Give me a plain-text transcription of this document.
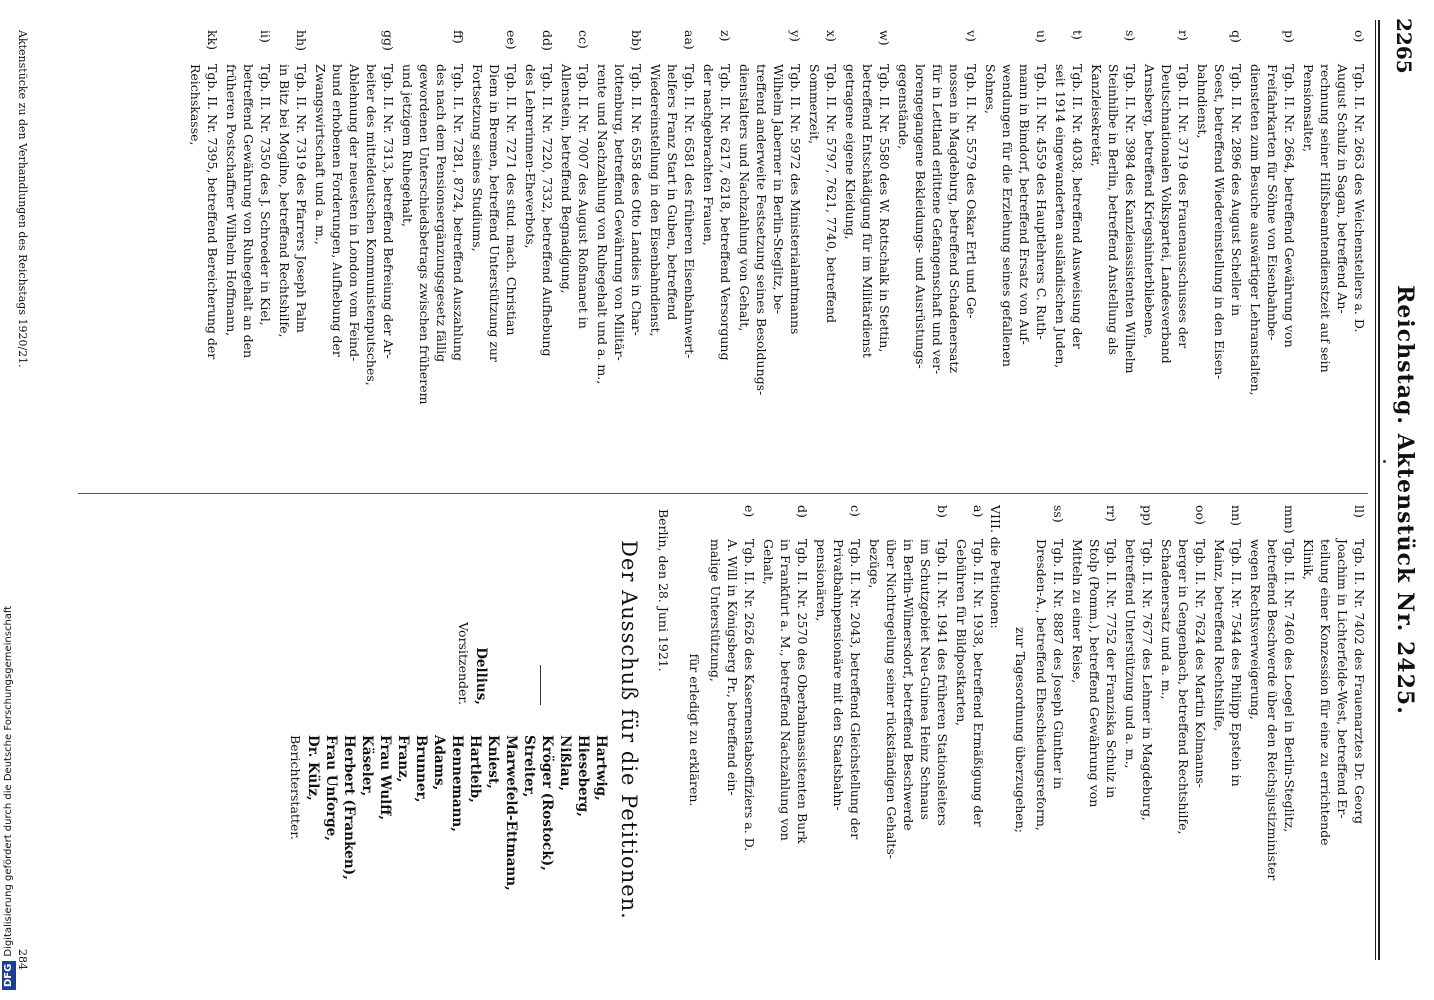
DFGDigitalisierung gefördert durch die Deutsche Forschungsgemeinschaft
2265
Reichstag. Aktenstück Nr. 2425.
o)
Tgb. II. Nr. 2663 des Weichenstellers a. D.
August Schulz in Sagan, betreffend An-
rechnung seiner Hilfsbeamtendienstzeit auf sein
Pensionsalter,
p)
Tgb. II. Nr. 2664, betreffend Gewährung von
Freifahrkarten für Söhne von Eisenbahnbe-
diensteten zum Besuche auswärtiger Lehranstalten,
q)
Tgb. II. Nr. 2896 des August Scheller in
Soest, betreffend Wiedereinstellung in den Eisen-
bahndienst,
r)
Tgb. II. Nr. 3719 des Frauenausschusses der
Deutschnationalen Volkspartei, Landesverband
Arnsberg, betreffend Kriegshinterbliebene,
s)
Tgb. II. Nr. 3984 des Kanzleiassistenten Wilhelm
Steinhilbe in Berlin, betreffend Anstellung als
Kanzleisekretär,
t)
Tgb. II. Nr. 4038, betreffend Ausweisung der
seit 1914 eingewanderten ausländischen Juden,
u)
Tgb. II. Nr. 4559 des Hauptlehrers C. Ruth-
mann in Bimdorf, betreffend Ersatz von Auf-
wendungen für die Erziehung seines gefallenen
Sohnes,
v)
Tgb. II. Nr. 5579 des Oskar Ertl und Ge-
nossen in Magdeburg, betreffend Schadenersatz
für in Lettland erlittene Gefangenschaft und ver-
lorengegangene Bekleidungs- und Ausrüstungs-
gegenstände,
w)
Tgb. II. Nr. 5580 des W. Rottschalk in Stettin,
betreffend Entschädigung für im Militärdienst
getragene eigene Kleidung,
x)
Tgb. II. Nr. 5797, 7621, 7740, betreffend
Sommerzeit,
y)
Tgb. II. Nr. 5972 des Ministerialamtmanns
Wilhelm Jaberner in Berlin-Steglitz, be-
treffend anderweite Festsetzung seines Besoldungs-
dienstalters und Nachzahlung von Gehalt,
z)
Tgb. II. Nr. 6217, 6218, betreffend Versorgung
der nachgebrachten Frauen,
aa)
Tgb. II. Nr. 6581 des früheren Eisenbahnwert-
helfers Franz Start in Guben, betreffend
Wiedereinstellung in den Eisenbahndienst,
bb)
Tgb. II. Nr. 6558 des Otto Landies in Char-
lottenburg, betreffend Gewährung von Militär-
rente und Nachzahlung von Ruhegehalt und a. m.,
cc)
Tgb. II. Nr. 7007 des August Roßmanet in
Allenstein, betreffend Begnadigung,
dd)
Tgb. II. Nr. 7220, 7332, betreffend Aufhebung
des Lehrerinnen-Eheverbots,
ee)
Tgb. II. Nr. 7271 des stud. mach. Christian
Diem in Bremen, betreffend Unterstützung zur
Fortsetzung seines Studiums,
ff)
Tgb. II. Nr. 7281, 8724, betreffend Auszahlung
des nach dem Pensionsergänzungsgesetz fällig
gewordenen Unterschiedsbetrags zwischen früherem
und jetzigem Ruhegehalt,
gg)
Tgb. II. Nr. 7313, betreffend Befreiung der Ar-
beiter des mitteldeutschen Kommunistenputsches,
Ablehnung der neuesten in London vom Feind-
bund erhobenen Forderungen, Aufhebung der
Zwangswirtschaft und a. m.,
hh)
Tgb. II. Nr. 7319 des Pfarrers Joseph Palm
in Bitz bei Mogilno, betreffend Rechtshilfe,
ii)
Tgb. II. Nr. 7350 des J. Schroeder in Kiel,
betreffend Gewährung von Ruhegehalt an den
früheren Postschaffner Wilhelm Hoffmann,
kk)
Tgb. II. Nr. 7395, betreffend Bereicherung der
Reichskasse,
ll)
Tgb. II. Nr. 7402 des Frauenarztes Dr. Georg
Joachim in Lichterfelde-West, betreffend Er-
teilung einer Konzession für eine zu errichtende
Klinik,
mm)
Tgb. II. Nr. 7460 des Loegel in Berlin-Steglitz,
betreffend Beschwerde über den Reichsjustizminister
wegen Rechtsverweigerung,
nn)
Tgb. II. Nr. 7544 des Philipp Epstein in
Mainz, betreffend Rechtshilfe,
oo)
Tgb. II. Nr. 7624 des Martin Kolmanns-
berger in Gengenbach, betreffend Rechtshilfe,
Schadenersatz und a. m.,
pp)
Tgb. II. Nr. 7677 des Lehmer in Magdeburg,
betreffend Unterstützung und a. m.,
rr)
Tgb. II. Nr. 7752 der Franziska Schulz in
Stolp (Pomm.), betreffend Gewährung von
Mitteln zu einer Reise,
ss)
Tgb. II. Nr. 8887 des Joseph Günther in
Dresden-A., betreffend Eheschiedungsreform,
zur Tagesordnung überzugehen;
VIII. die Petitionen:
a)
Tgb. II. Nr. 1938, betreffend Ermäßigung der
Gebühren für Bildpostkarten,
b)
Tgb. II. Nr. 1941 des früheren Stationsleiters
im Schutzgebiet Neu-Guinea Heinz Schnaus
in Berlin-Wilmersdorf, betreffend Beschwerde
über Nichtregelung seiner rückständigen Gehalts-
bezüge,
c)
Tgb. II. Nr. 2043, betreffend Gleichstellung der
Privatbahnpensionäre mit den Staatsbahn-
pensionären,
d)
Tgb. II. Nr. 2570 des Oberbahnassistenten Burk
in Frankfurt a. M., betreffend Nachzahlung von
Gehalt,
e)
Tgb. II. Nr. 2626 des Kasernenstabsoffiziers a. D.
A. Will in Königsberg Pr., betreffend ein-
malige Unterstützung,
für erledigt zu erklären.
Berlin, den 28. Juni 1921.
Der Ausschuß für die Petitionen.
Dellius,
Vorsitzender.
Hartwig,
Hieseberg,
Nißlau,
Kröger (Rostock),
Streiter,
Marwefeld-Ettmann,
Kniest,
Hartleib,
Hennemann,
Adams,
Brunner,
Franz,
Frau Wulff,
Käseler,
Herbert (Franken),
Frau Unforge,
Dr. Külz,
Berichterstatter.
Aktenstücke zu den Verhandlungen des Reichstags 1920/21.
284
